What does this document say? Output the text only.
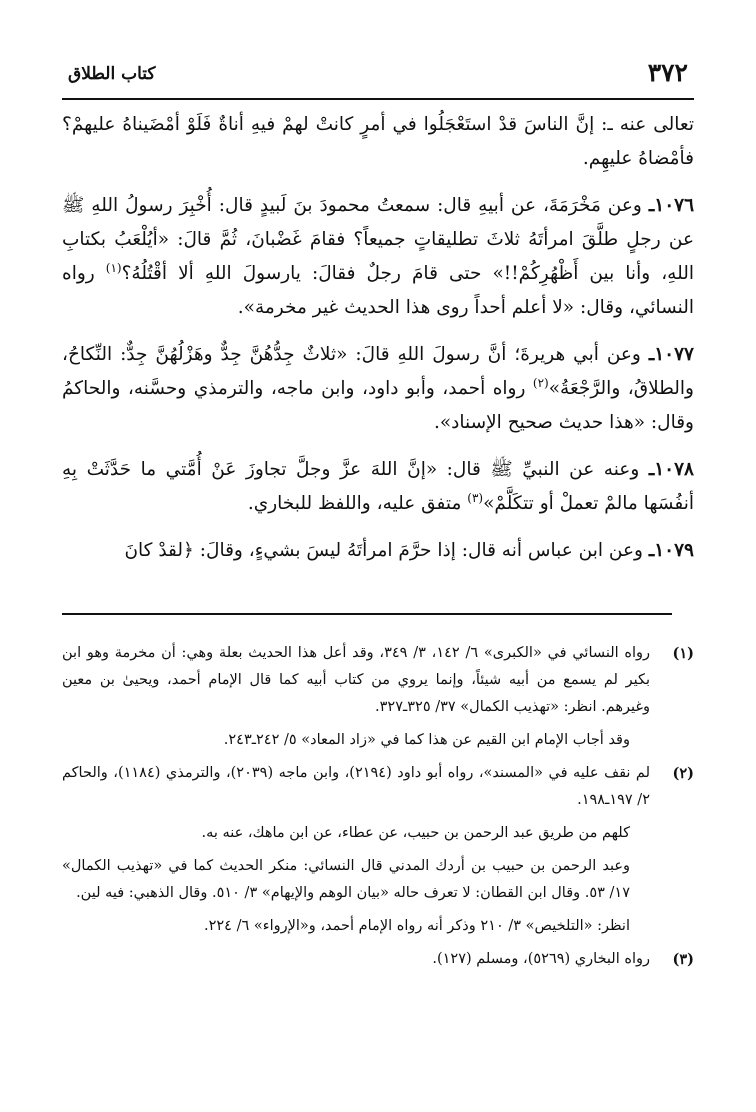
٣٧٢
كتاب الطلاق

تعالى عنه ـ: إنَّ الناسَ قدْ استَعْجَلُوا في أمرٍ كانتْ لهمْ فيهِ أناةٌ فَلَوْ أمْضَيناهُ عليهمْ؟ فأمْضاهُ عليهِم.

١٠٧٦ـ وعن مَخْرَمَةَ، عن أبيهِ قال: سمعتُ محمودَ بنَ لَبيدٍ قال: أُخْبِرَ رسولُ اللهِ ﷺ عن رجلٍ طلَّقَ امرأتَهُ ثلاثَ تطليقاتٍ جميعاً؟ فقامَ غَضْبانَ، ثُمَّ قالَ: «أيُلْعَبُ بكتابِ اللهِ، وأنا بين أَظْهُرِكُمْ!!» حتى قامَ رجلٌ فقالَ: يارسولَ اللهِ ألا أقْتُلُهُ؟$^{(١)}$ رواه النسائي، وقال: «لا أعلم أحداً روى هذا الحديث غير مخرمة».

١٠٧٧ـ وعن أبي هريرةَ؛ أنَّ رسولَ اللهِ قالَ: «ثلاثٌ جِدُّهُنَّ جِدٌّ وهَزْلُهُنَّ جِدٌّ: النِّكاحُ، والطلاقُ، والرَّجْعَةُ»$^{(٢)}$ رواه أحمد، وأبو داود، وابن ماجه، والترمذي وحسَّنه، والحاكمُ وقال: «هذا حديث صحيح الإسناد».

١٠٧٨ـ وعنه عن النبيِّ ﷺ قال: «إنَّ اللهَ عزَّ وجلَّ تجاوزَ عَنْ أُمَّتي ما حَدَّثَتْ بِهِ أنفُسَها مالمْ تعملْ أو تتكَلَّمْ»$^{(٣)}$ متفق عليه، واللفظ للبخاري.

١٠٧٩ـ وعن ابن عباس أنه قال: إذا حرَّمَ امرأتَهُ ليسَ بشيءٍ، وقالَ: ﴿لقدْ كانَ

(١)
رواه النسائي في «الكبرى» ٦/ ١٤٢، ٣/ ٣٤٩، وقد أعل هذا الحديث بعلة وهي: أن مخرمة وهو ابن بكير لم يسمع من أبيه شيئاً، وإنما يروي من كتاب أبيه كما قال الإمام أحمد، ويحيىٰ بن معين وغيرهم. انظر: «تهذيب الكمال» ٣٧/ ٣٢٥ـ٣٢٧.
وقد أجاب الإمام ابن القيم عن هذا كما في «زاد المعاد» ٥/ ٢٤٢ـ٢٤٣.
(٢)
لم نقف عليه في «المسند»، رواه أبو داود (٢١٩٤)، وابن ماجه (٢٠٣٩)، والترمذي (١١٨٤)، والحاكم ٢/ ١٩٧ـ١٩٨.
كلهم من طريق عبد الرحمن بن حبيب، عن عطاء، عن ابن ماهك، عنه به.
وعبد الرحمن بن حبيب بن أردك المدني قال النسائي: منكر الحديث كما في «تهذيب الكمال» ١٧/ ٥٣. وقال ابن القطان: لا تعرف حاله «بيان الوهم والإيهام» ٣/ ٥١٠. وقال الذهبي: فيه لين.
انظر: «التلخيص» ٣/ ٢١٠ وذكر أنه رواه الإمام أحمد، و«الإرواء» ٦/ ٢٢٤.
(٣)
رواه البخاري (٥٢٦٩)، ومسلم (١٢٧).
